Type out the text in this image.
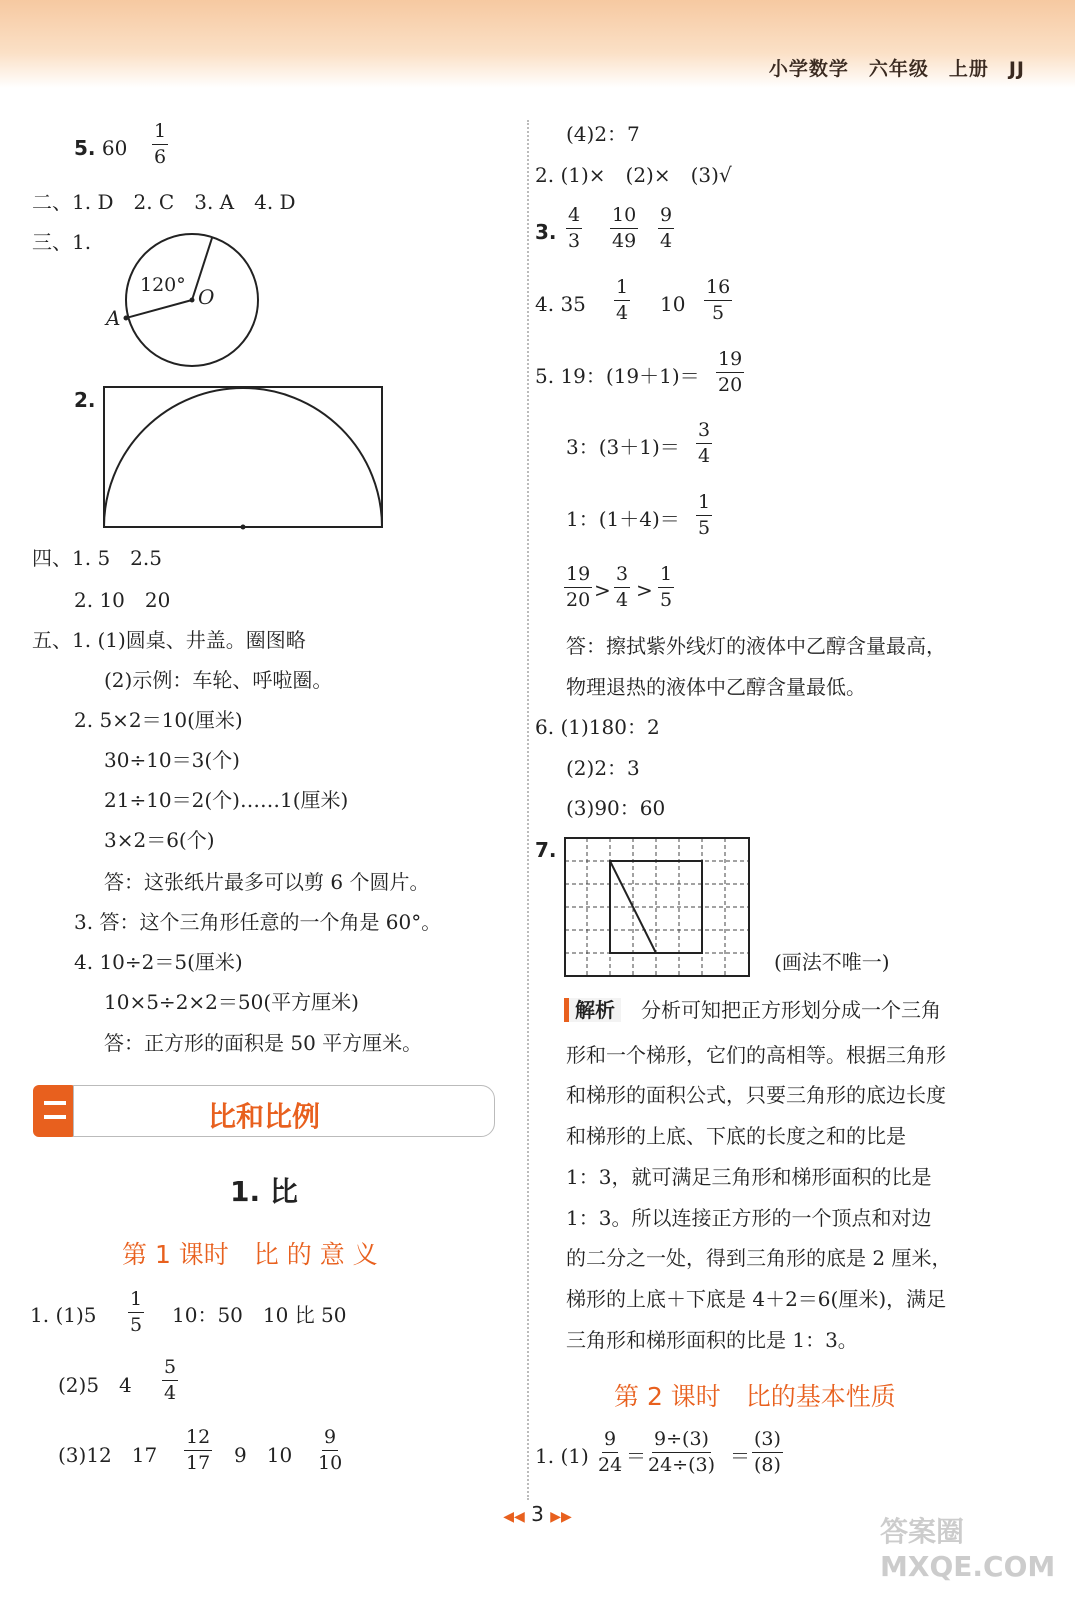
小学数学　六年级　上册　JJ
5. $60 \frac{1}{6}$
二、1. D　2. C　3. A　4. D
三、1.
120° O
A
2.
四、1. 5　2.5
2. 10　20
五、1. (1)圆桌、井盖。圈图略
(2)示例：车轮、呼啦圈。
2. 5×2＝10(厘米)
30÷10＝3(个)
21÷10＝2(个)……1(厘米)
3×2＝6(个)
答：这张纸片最多可以剪 6 个圆片。
3. 答：这个三角形任意的一个角是 60°。
4. 10÷2＝5(厘米)
10×5÷2×2＝50(平方厘米)
答：正方形的面积是 50 平方厘米。
比和比例
1. 比
第 1 课时　比 的 意 义
1. $(1)5 \frac{1}{5} 10$：50　10 比 50
(2)5　$4 \frac{5}{4}$
(3)12　$17 \frac{12}{17} 9$　$10 \frac{9}{10}$
(4)2：7
2. (1)×　(2)×　(3)√
3. $\frac{4}{3} \frac{10}{49} \frac{9}{4}$
4. $35 \frac{1}{4} 10 \frac{16}{5}$
5. 19：$(19+1)= \frac{19}{20}$
3：$(3+1)= \frac{3}{4}$
1：$(1+4)= \frac{1}{5}$
$\frac{19}{20} > \frac{3}{4} > \frac{1}{5}$
答：擦拭紫外线灯的液体中乙醇含量最高，
物理退热的液体中乙醇含量最低。
6. (1)180：2
(2)2：3
(3)90：60
7.
(画法不唯一)
解析　 分析可知把正方形划分成一个三角
形和一个梯形，它们的高相等。根据三角形
和梯形的面积公式，只要三角形的底边长度
和梯形的上底、下底的长度之和的比是
1：3，就可满足三角形和梯形面积的比是
1：3。所以连接正方形的一个顶点和对边
的二分之一处，得到三角形的底是 2 厘米，
梯形的上底＋下底是 4＋2＝6(厘米)，满足
三角形和梯形面积的比是 1：3。
第 2 课时　比的基本性质
1. $(1) \frac{9}{24} = \frac{9\div(3)}{24\div(3)} = \frac{(3)}{(8)}$
◀◀ 3 ▶▶	答案圈 MXQE.COM
